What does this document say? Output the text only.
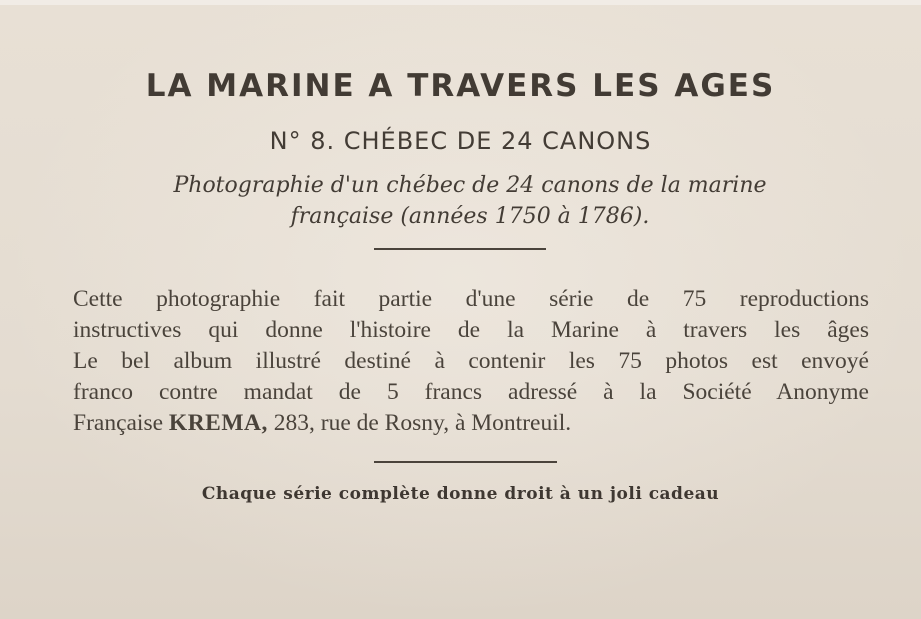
LA MARINE A TRAVERS LES AGES
N° 8. CHÉBEC DE 24 CANONS
Photographie d'un chébec de 24 canons de la marine
française (années 1750 à 1786).
Cette photographie fait partie d'une série de 75 reproductions
instructives qui donne l'histoire de la Marine à travers les âges
Le bel album illustré destiné à contenir les 75 photos est envoyé
franco contre mandat de 5 francs adressé à la Société Anonyme
Française KREMA, 283, rue de Rosny, à Montreuil.
Chaque série complète donne droit à un joli cadeau
